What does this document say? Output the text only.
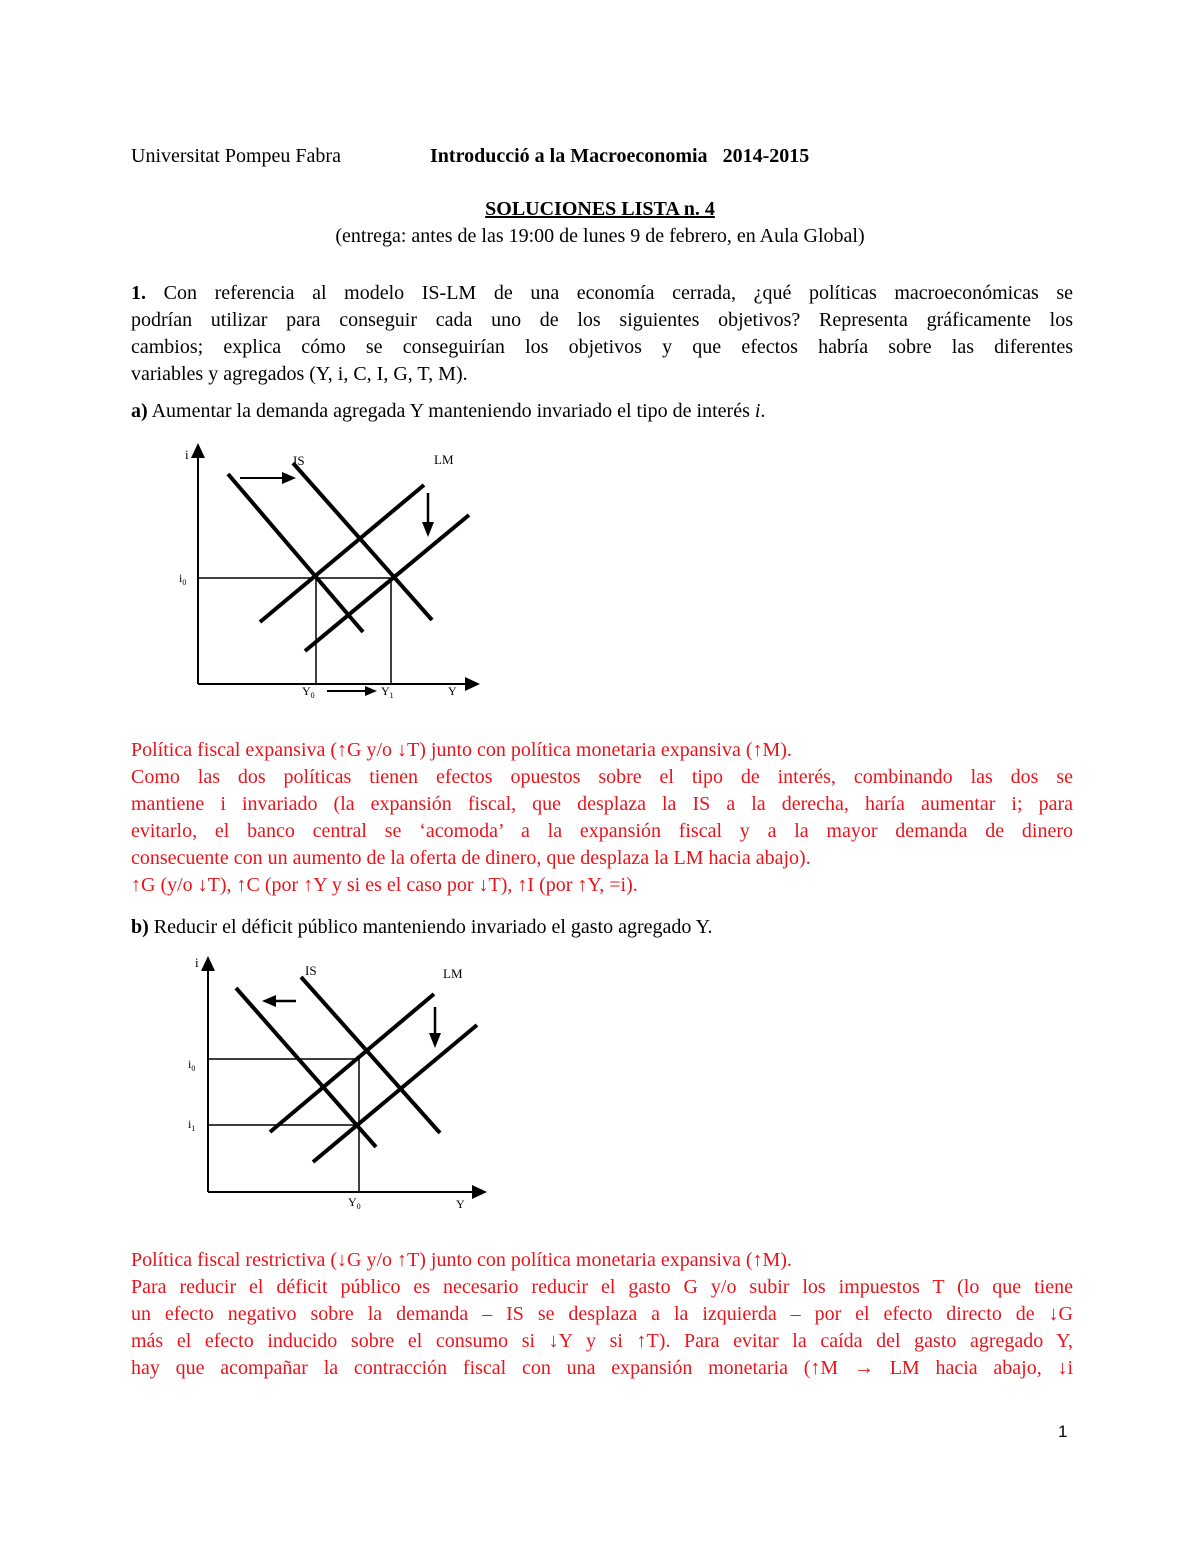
Universitat Pompeu Fabra	Introducció a la Macroeconomia 2014-2015
SOLUCIONES LISTA n. 4
(entrega: antes de las 19:00 de lunes 9 de febrero, en Aula Global)
1. Con referencia al modelo IS-LM de una economía cerrada, ¿qué políticas macroeconómicas se
podrían utilizar para conseguir cada uno de los siguientes objetivos? Representa gráficamente los
cambios; explica cómo se conseguirían los objetivos y que efectos habría sobre las diferentes
variables y agregados (Y, i, C, I, G, T, M).
a) Aumentar la demanda agregada Y manteniendo invariado el tipo de interés i.
i	IS	LM
$i_0$
$Y_0$	$Y_1$	Y
Política fiscal expansiva (↑G y/o ↓T) junto con política monetaria expansiva (↑M).
Como las dos políticas tienen efectos opuestos sobre el tipo de interés, combinando las dos se
mantiene i invariado (la expansión fiscal, que desplaza la IS a la derecha, haría aumentar i; para
evitarlo, el banco central se ‘acomoda’ a la expansión fiscal y a la mayor demanda de dinero
consecuente con un aumento de la oferta de dinero, que desplaza la LM hacia abajo).
↑G (y/o ↓T), ↑C (por ↑Y y si es el caso por ↓T), ↑I (por ↑Y, =i).
b) Reducir el déficit público manteniendo invariado el gasto agregado Y.
i
IS	LM
$i_0$
$i_1$
$Y_0$	Y
Política fiscal restrictiva (↓G y/o ↑T) junto con política monetaria expansiva (↑M).
Para reducir el déficit público es necesario reducir el gasto G y/o subir los impuestos T (lo que tiene
un efecto negativo sobre la demanda – IS se desplaza a la izquierda – por el efecto directo de ↓G
más el efecto inducido sobre el consumo si ↓Y y si ↑T). Para evitar la caída del gasto agregado Y,
hay que acompañar la contracción fiscal con una expansión monetaria (↑M → LM hacia abajo, ↓i
1
